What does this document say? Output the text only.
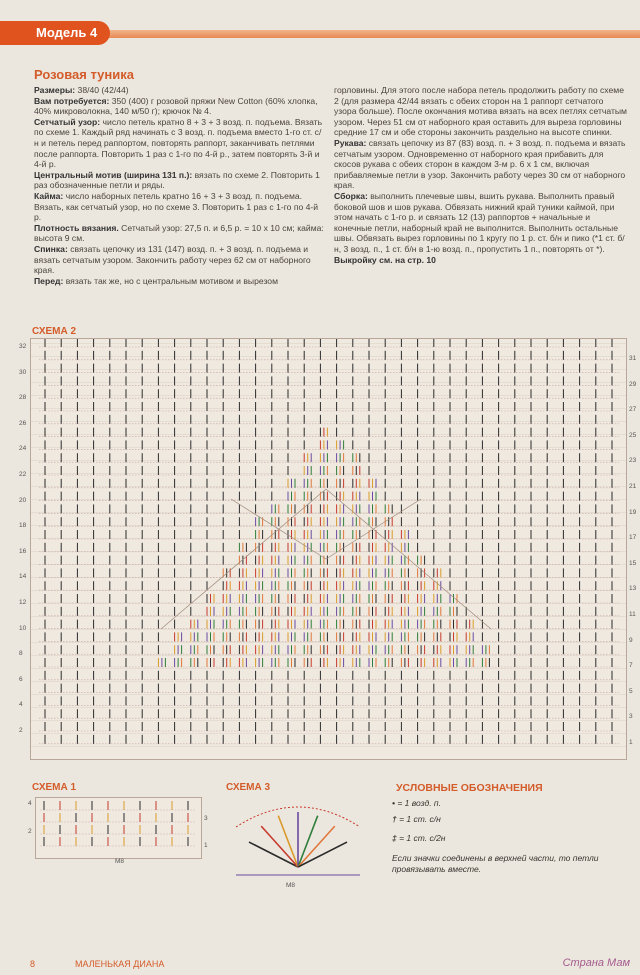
Модель 4
Розовая туника

Размеры: 38/40 (42/44)

Вам потребуется: 350 (400) г розовой пряжи New Cotton (60% хлопка, 40% микроволокна, 140 м/50 г); крючок № 4.

Сетчатый узор: число петель кратно 8 + 3 + 3 возд. п. подъема. Вязать по схеме 1. Каждый ряд начинать с 3 возд. п. подъема вместо 1-го ст. с/н и петель перед раппортом, повторять раппорт, заканчивать петлями после раппорта. Повторить 1 раз с 1-го по 4-й р., затем повторять 3-й и 4-й р.

Центральный мотив (ширина 131 п.): вязать по схеме 2. Повторить 1 раз обозначенные петли и ряды.

Кайма: число наборных петель кратно 16 + 3 + 3 возд. п. подъема. Вязать, как сетчатый узор, но по схеме 3. Повторить 1 раз с 1-го по 4-й р.

Плотность вязания. Сетчатый узор: 27,5 п. и 6,5 р. = 10 х 10 см; кайма: высота 9 см.

Спинка: связать цепочку из 131 (147) возд. п. + 3 возд. п. подъема и вязать сетчатым узором. Закончить работу через 62 см от наборного края.

Перед: вязать так же, но с центральным мотивом и вырезом

горловины. Для этого после набора петель продолжить работу по схеме 2 (для размера 42/44 вязать с обеих сторон на 1 раппорт сетчатого узора больше). После окончания мотива вязать на всех петлях сетчатым узором. Через 51 см от наборного края оставить для выреза горловины средние 17 см и обе стороны закончить раздельно на высоте спинки.

Рукава: связать цепочку из 87 (83) возд. п. + 3 возд. п. подъема и вязать сетчатым узором. Одновременно от наборного края прибавить для скосов рукава с обеих сторон в каждом 3-м р. 6 х 1 см, включая прибавляемые петли в узор. Закончить работу через 30 см от наборного края.

Сборка: выполнить плечевые швы, вшить рукава. Выполнить правый боковой шов и шов рукава. Обвязать нижний край туники каймой, при этом начать с 1-го р. и связать 12 (13) раппортов + начальные и конечные петли, наборный край не выполнится. Выполнить остальные швы. Обвязать вырез горловины по 1 кругу по 1 р. ст. б/н и пико (*1 ст. б/н, 3 возд. п., 1 ст. б/н в 1-ю возд. п., пропустить 1 п., повторять от *).

Выкройку см. на стр. 10

СХЕМА 2
СХЕМА 1
4
2
3
1
M8
СХЕМА 3
M8
УСЛОВНЫЕ ОБОЗНАЧЕНИЯ
• = 1 возд. п.
† = 1 ст. с/н
‡ = 1 ст. с/2н
Если значки соединены в верхней части, то петли провязывать вместе.
8	МАЛЕНЬКАЯ ДИАНА	Страна Мам
32
30
28
26
24
22
20
18
16
14
12
10
8
6
4
2
31
29
27
25
23
21
19
17
15
13
11
9
7
5
3
1
